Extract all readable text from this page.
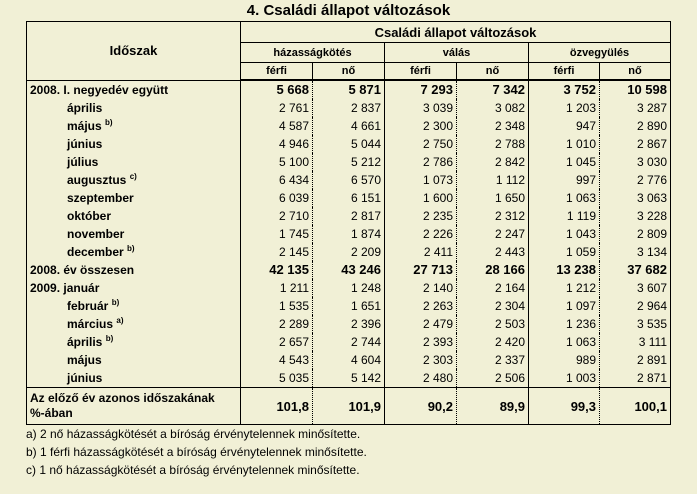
4. Családi állapot változások
Időszak	Családi állapot változások					
	házasságkötés		válás		özvegyülés	
	férfi	nő	férfi	nő	férfi	nő
2008. I. negyedév együtt	5 668	5 871	7 293	7 342	3 752	10 598
április	2 761	2 837	3 039	3 082	1 203	3 287
május $^{b)}$	4 587	4 661	2 300	2 348	947	2 890
június	4 946	5 044	2 750	2 788	1 010	2 867
július	5 100	5 212	2 786	2 842	1 045	3 030
augusztus $^{c)}$	6 434	6 570	1 073	1 112	997	2 776
szeptember	6 039	6 151	1 600	1 650	1 063	3 063
október	2 710	2 817	2 235	2 312	1 119	3 228
november	1 745	1 874	2 226	2 247	1 043	2 809
december $^{b)}$	2 145	2 209	2 411	2 443	1 059	3 134
2008. év összesen	42 135	43 246	27 713	28 166	13 238	37 682
2009. január	1 211	1 248	2 140	2 164	1 212	3 607
február $^{b)}$	1 535	1 651	2 263	2 304	1 097	2 964
március $^{a)}$	2 289	2 396	2 479	2 503	1 236	3 535
április $^{b)}$	2 657	2 744	2 393	2 420	1 063	3 111
május	4 543	4 604	2 303	2 337	989	2 891
június	5 035	5 142	2 480	2 506	1 003	2 871

Az előző év azonos időszakának
%-ában	101,8	101,9	90,2	89,9	99,3	100,1
a) 2 nő házasságkötését a bíróság érvénytelennek minősítette.
b) 1 férfi házasságkötését a bíróság érvénytelennek minősítette.
c) 1 nő házasságkötését a bíróság érvénytelennek minősítette.
